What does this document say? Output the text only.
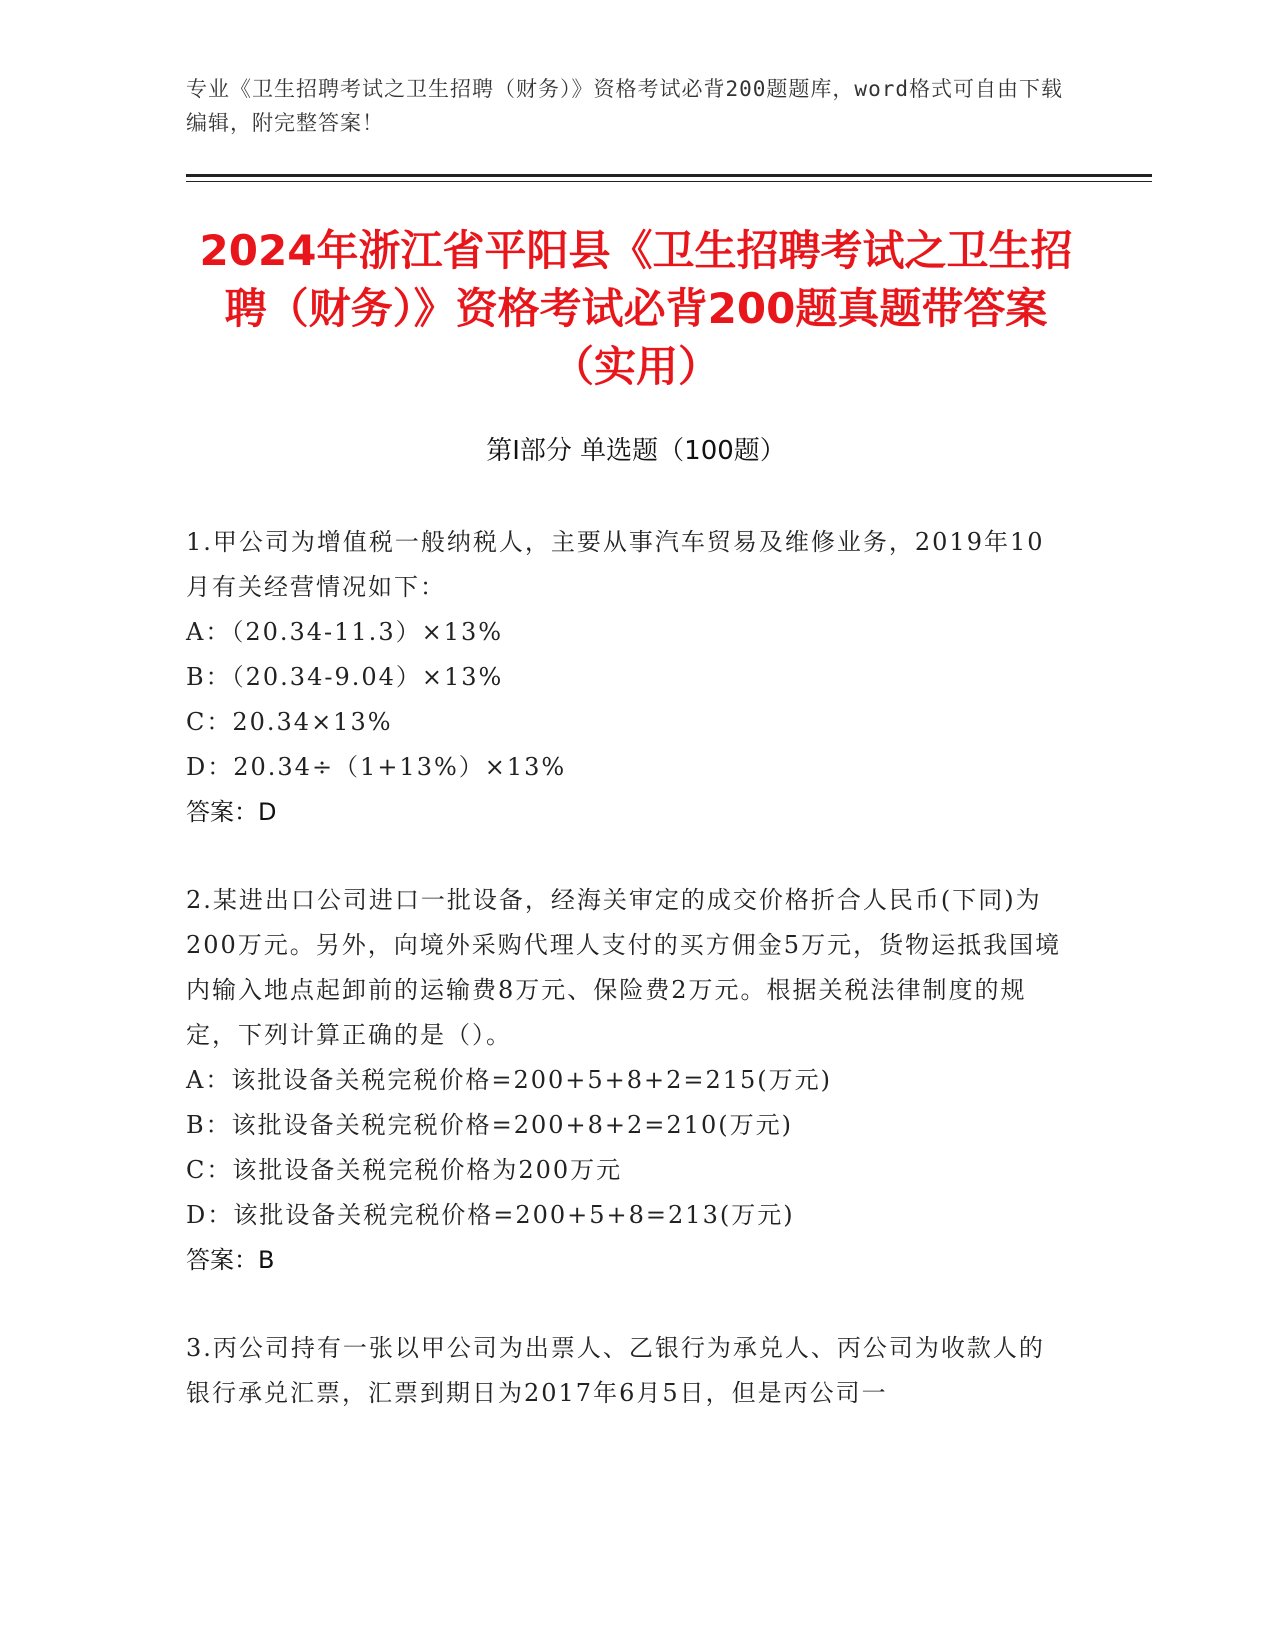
专业《卫生招聘考试之卫生招聘（财务）》资格考试必背200题题库，word格式可自由下载编辑，附完整答案！
2024年浙江省平阳县《卫生招聘考试之卫生招聘（财务）》资格考试必背200题真题带答案（实用）
第I部分 单选题（100题）

1.甲公司为增值税一般纳税人，主要从事汽车贸易及维修业务，2019年10月有关经营情况如下：

A：（20.34-11.3）×13%

B：（20.34-9.04）×13%

C：20.34×13%

D：20.34÷（1+13%）×13%

答案：D

2.某进出口公司进口一批设备，经海关审定的成交价格折合人民币(下同)为200万元。另外，向境外采购代理人支付的买方佣金5万元，货物运抵我国境内输入地点起卸前的运输费8万元、保险费2万元。根据关税法律制度的规定，下列计算正确的是（）。

A：该批设备关税完税价格=200+5+8+2=215(万元)

B：该批设备关税完税价格=200+8+2=210(万元)

C：该批设备关税完税价格为200万元

D：该批设备关税完税价格=200+5+8=213(万元)

答案：B

3.丙公司持有一张以甲公司为出票人、乙银行为承兑人、丙公司为收款人的银行承兑汇票，汇票到期日为2017年6月5日，但是丙公司一
